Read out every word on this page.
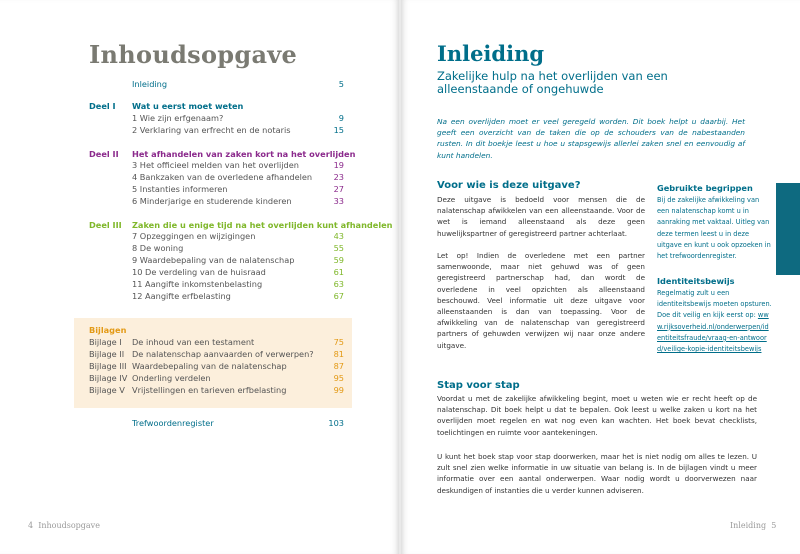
Inhoudsopgave
Inleiding	5
Deel I Wat u eerst moet weten
1 Wie zijn erfgenaam?	9
2 Verklaring van erfrecht en de notaris	15
Deel II Het afhandelen van zaken kort na het overlijden
3 Het officieel melden van het overlijden	19
4 Bankzaken van de overledene afhandelen	23
5 Instanties informeren	27
6 Minderjarige en studerende kinderen	33
Deel III Zaken die u enige tijd na het overlijden kunt afhandelen
7 Opzeggingen en wijzigingen	43
8 De woning	55
9 Waardebepaling van de nalatenschap	59
10 De verdeling van de huisraad	61
11 Aangifte inkomstenbelasting	63
12 Aangifte erfbelasting	67
Bijlagen
Bijlage I De inhoud van een testament	75
Bijlage II De nalatenschap aanvaarden of verwerpen? 81
Bijlage III Waardebepaling van de nalatenschap	87
Bijlage IV Onderling verdelen	95
Bijlage V Vrijstellingen en tarieven erfbelasting	99
Trefwoordenregister	103
4 Inhoudsopgave
Inleiding
Zakelijke hulp na het overlijden van een alleenstaande of ongehuwde
Na een overlijden moet er veel geregeld worden. Dit boek helpt u daarbij. Het geeft een overzicht van de taken die op de schouders van de nabestaanden rusten. In dit boekje leest u hoe u stapsgewijs allerlei zaken snel en eenvoudig af kunt handelen.
Voor wie is deze uitgave?
Deze uitgave is bedoeld voor mensen die de nalatenschap afwikkelen van een alleenstaande. Voor de wet is iemand alleenstaand als deze geen huwelijkspartner of geregistreerd partner achterlaat.
Let op! Indien de overledene met een partner samenwoonde, maar niet gehuwd was of geen geregistreerd partnerschap had, dan wordt de overledene in veel opzichten als alleenstaand beschouwd. Veel informatie uit deze uitgave voor alleenstaanden is dan van toepassing. Voor de afwikkeling van de nalatenschap van geregistreerd partners of gehuwden verwijzen wij naar onze andere uitgave.
Gebruikte begrippen
Bij de zakelijke afwikkeling van een nalatenschap komt u in aanraking met vaktaal. Uitleg van deze termen leest u in deze uitgave en kunt u ook opzoeken in het trefwoordenregister.
Identiteitsbewijs
Regelmatig zult u een identiteitsbewijs moeten opsturen. Doe dit veilig en kijk eerst op: www.rijksoverheid.nl/onderwerpen/identiteitsfraude/vraag-en-antwoord/veilige-kopie-identiteitsbewijs
Stap voor stap
Voordat u met de zakelijke afwikkeling begint, moet u weten wie er recht heeft op de nalatenschap. Dit boek helpt u dat te bepalen. Ook leest u welke zaken u kort na het overlijden moet regelen en wat nog even kan wachten. Het boek bevat checklists, toelichtingen en ruimte voor aantekeningen.
U kunt het boek stap voor stap doorwerken, maar het is niet nodig om alles te lezen. U zult snel zien welke informatie in uw situatie van belang is. In de bijlagen vindt u meer informatie over een aantal onderwerpen. Waar nodig wordt u doorverwezen naar deskundigen of instanties die u verder kunnen adviseren.
Inleiding 5
